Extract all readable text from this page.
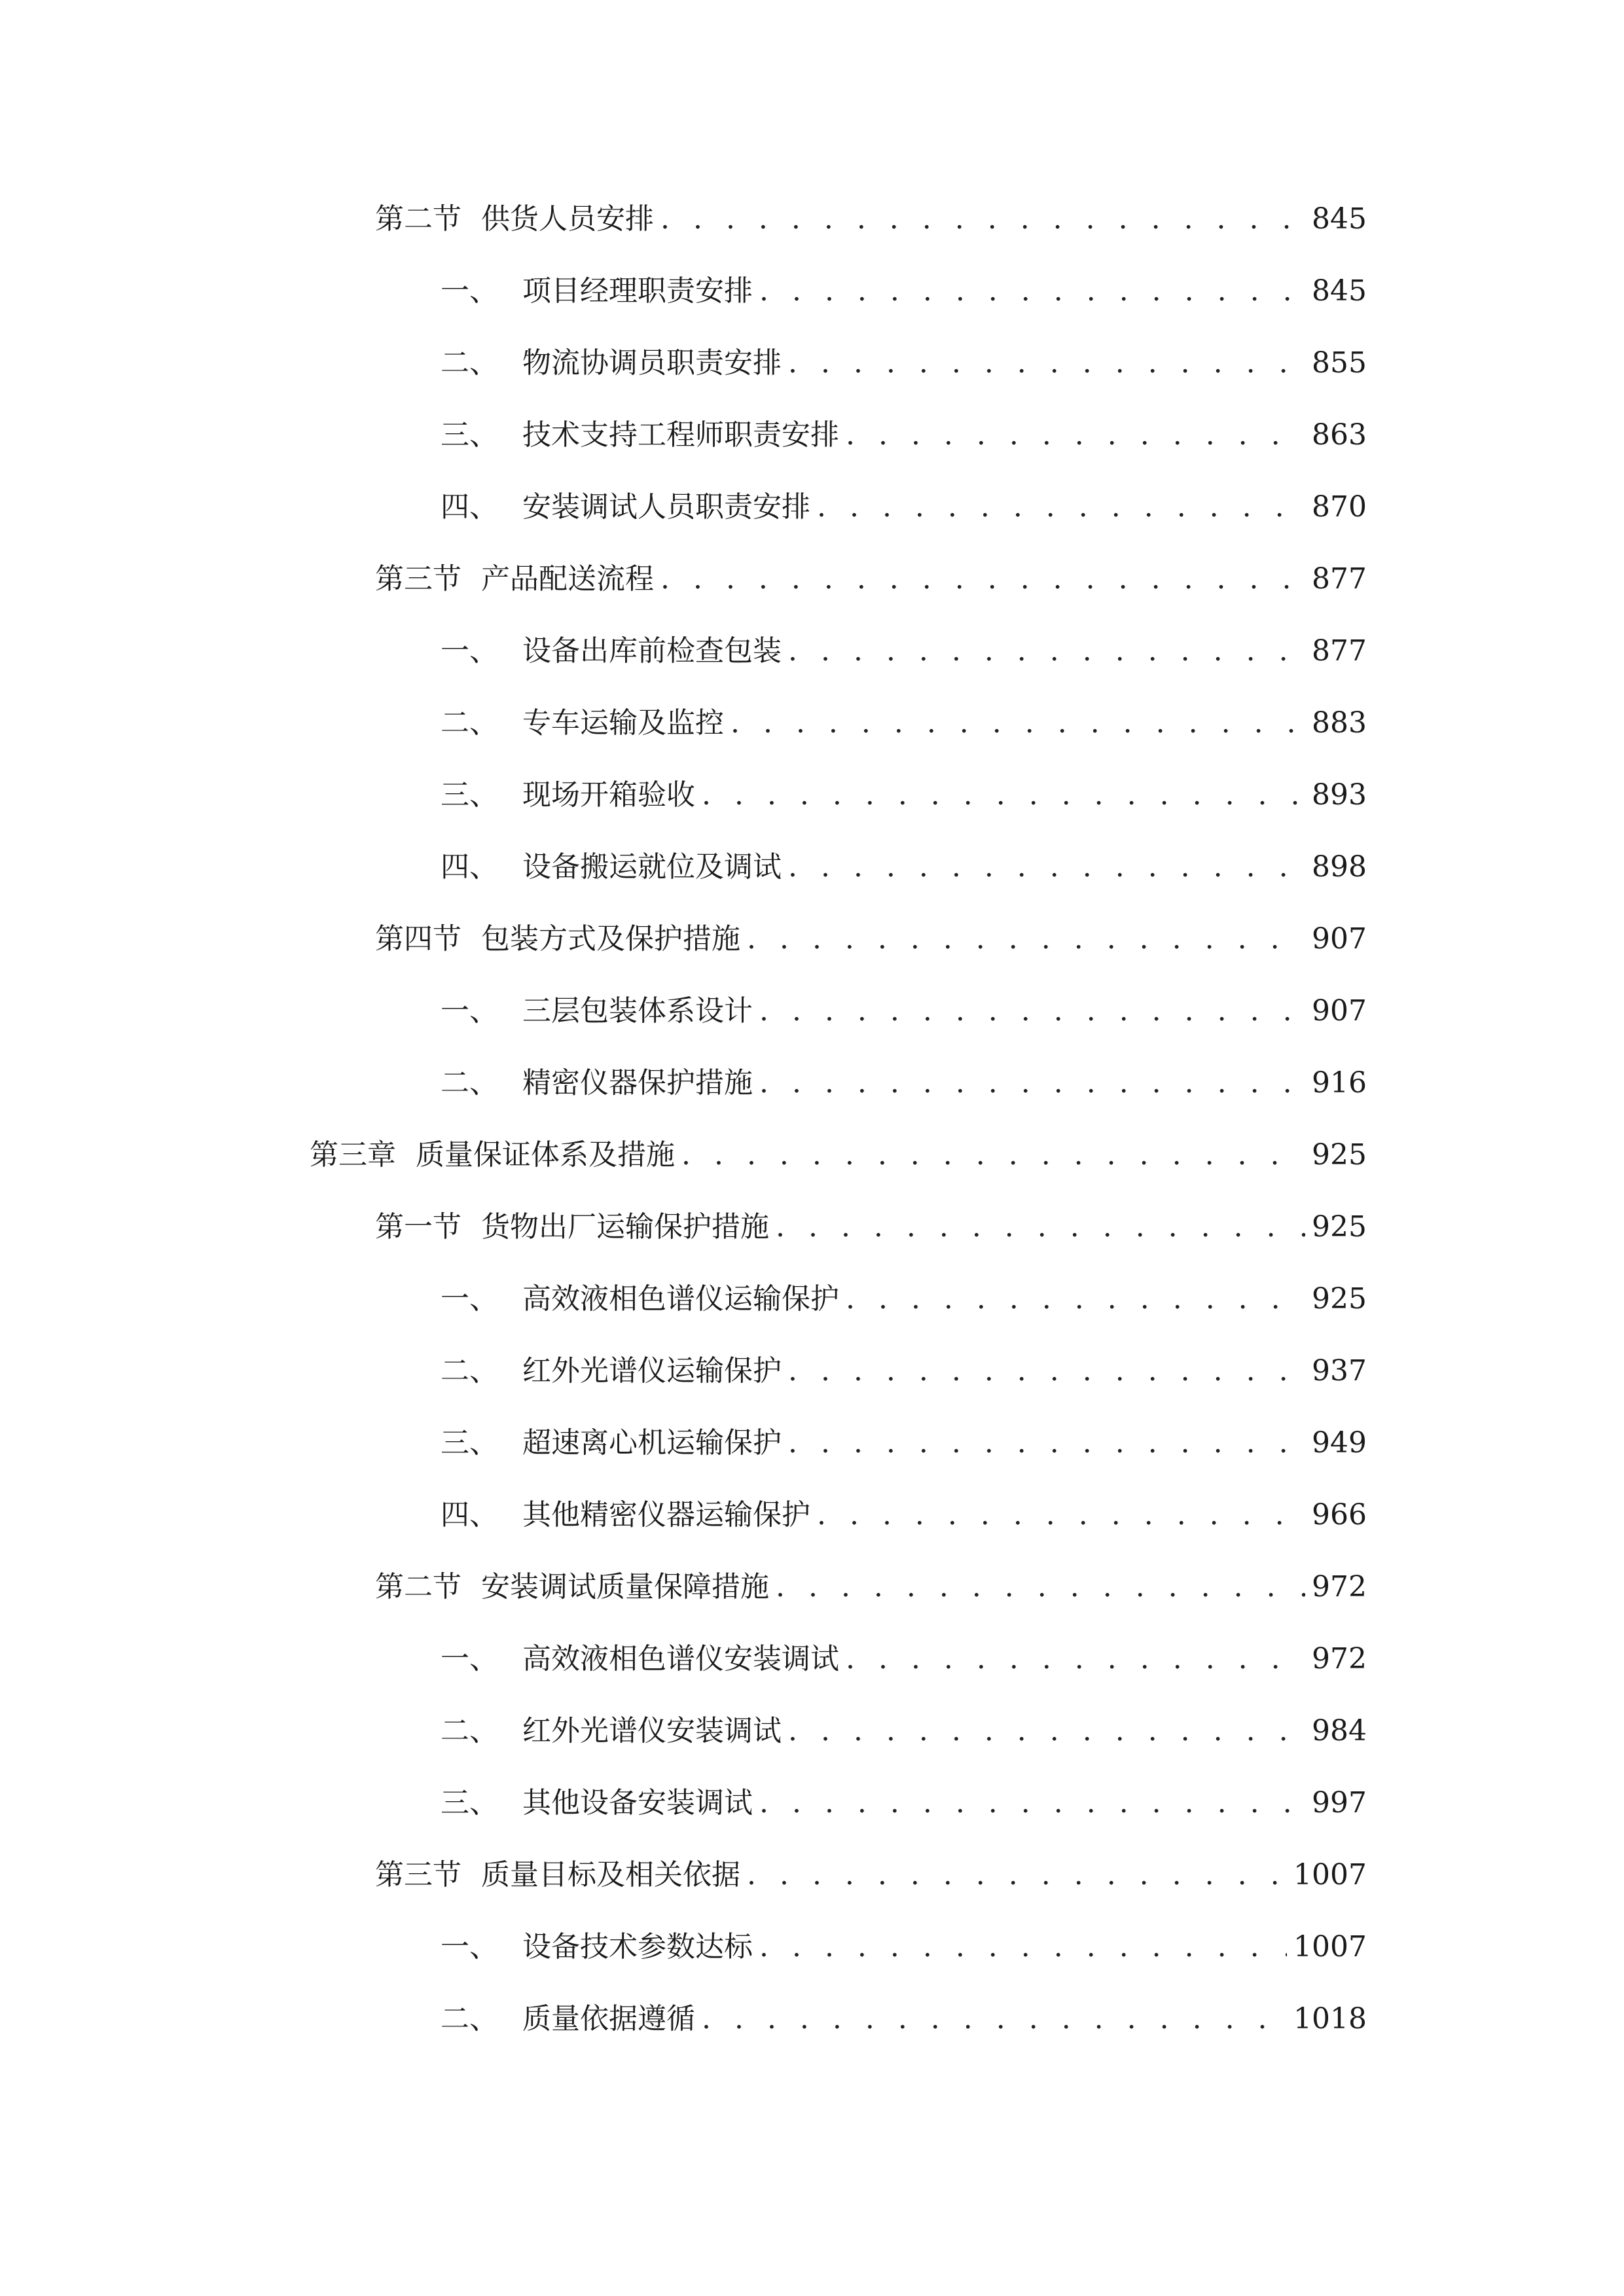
第二节 供货人员安排 . . .	845
一、 项目经理职责安排 . . .	845
二、 物流协调员职责安排 . . .	855
三、 技术支持工程师职责安排 . . .	863
四、 安装调试人员职责安排 . . .	870
第三节 产品配送流程 . . .	877
一、 设备出库前检查包装 . . .	877
二、 专车运输及监控 . . .	883
三、 现场开箱验收 . . .	893
四、 设备搬运就位及调试 . . .	898
第四节 包装方式及保护措施 . . .	907
一、 三层包装体系设计 . . .	907
二、 精密仪器保护措施 . . .	916
第三章 质量保证体系及措施 . . .	925
第一节 货物出厂运输保护措施 . . .	925
一、 高效液相色谱仪运输保护 . . .	925
二、 红外光谱仪运输保护 . . .	937
三、 超速离心机运输保护 . . .	949
四、 其他精密仪器运输保护 . . .	966
第二节 安装调试质量保障措施 . . .	972
一、 高效液相色谱仪安装调试 . . .	972
二、 红外光谱仪安装调试 . . .	984
三、 其他设备安装调试 . . .	997
第三节 质量目标及相关依据 . . .	1007
一、 设备技术参数达标 . . .	1007
二、 质量依据遵循 . . .	1018
